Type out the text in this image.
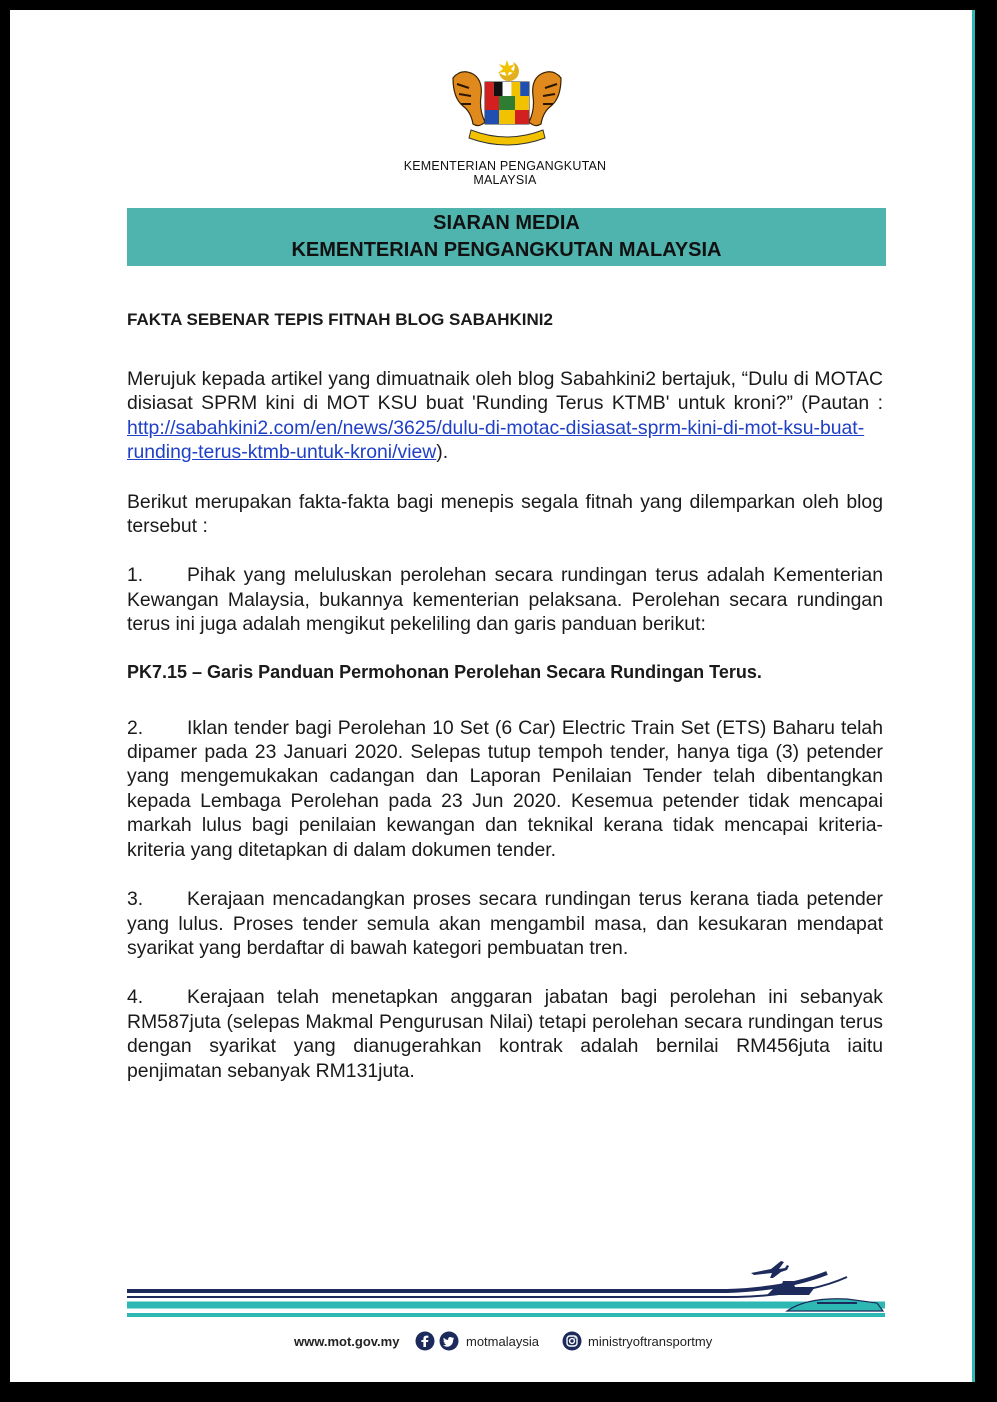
KEMENTERIAN PENGANGKUTAN
MALAYSIA
SIARAN MEDIA
KEMENTERIAN PENGANGKUTAN MALAYSIA

FAKTA SEBENAR TEPIS FITNAH BLOG SABAHKINI2

Merujuk kepada artikel yang dimuatnaik oleh blog Sabahkini2 bertajuk, “Dulu di MOTAC disiasat SPRM kini di MOT KSU buat 'Runding Terus KTMB' untuk kroni?” (Pautan : http://sabahkini2.com/en/news/3625/dulu-di-motac-disiasat-sprm-kini-di-mot-ksu-buat-runding-terus-ktmb-untuk-kroni/view).

Berikut merupakan fakta-fakta bagi menepis segala fitnah yang dilemparkan oleh blog tersebut :

1. Pihak yang meluluskan perolehan secara rundingan terus adalah Kementerian Kewangan Malaysia, bukannya kementerian pelaksana. Perolehan secara rundingan terus ini juga adalah mengikut pekeliling dan garis panduan berikut:

PK7.15 – Garis Panduan Permohonan Perolehan Secara Rundingan Terus.

2. Iklan tender bagi Perolehan 10 Set (6 Car) Electric Train Set (ETS) Baharu telah dipamer pada 23 Januari 2020. Selepas tutup tempoh tender, hanya tiga (3) petender yang mengemukakan cadangan dan Laporan Penilaian Tender telah dibentangkan kepada Lembaga Perolehan pada 23 Jun 2020. Kesemua petender tidak mencapai markah lulus bagi penilaian kewangan dan teknikal kerana tidak mencapai kriteria-kriteria yang ditetapkan di dalam dokumen tender.

3. Kerajaan mencadangkan proses secara rundingan terus kerana tiada petender yang lulus. Proses tender semula akan mengambil masa, dan kesukaran mendapat syarikat yang berdaftar di bawah kategori pembuatan tren.

4. Kerajaan telah menetapkan anggaran jabatan bagi perolehan ini sebanyak RM587juta (selepas Makmal Pengurusan Nilai) tetapi perolehan secara rundingan terus dengan syarikat yang dianugerahkan kontrak adalah bernilai RM456juta iaitu penjimatan sebanyak RM131juta.

www.mot.gov.my	motmalaysia	ministryoftransportmy
